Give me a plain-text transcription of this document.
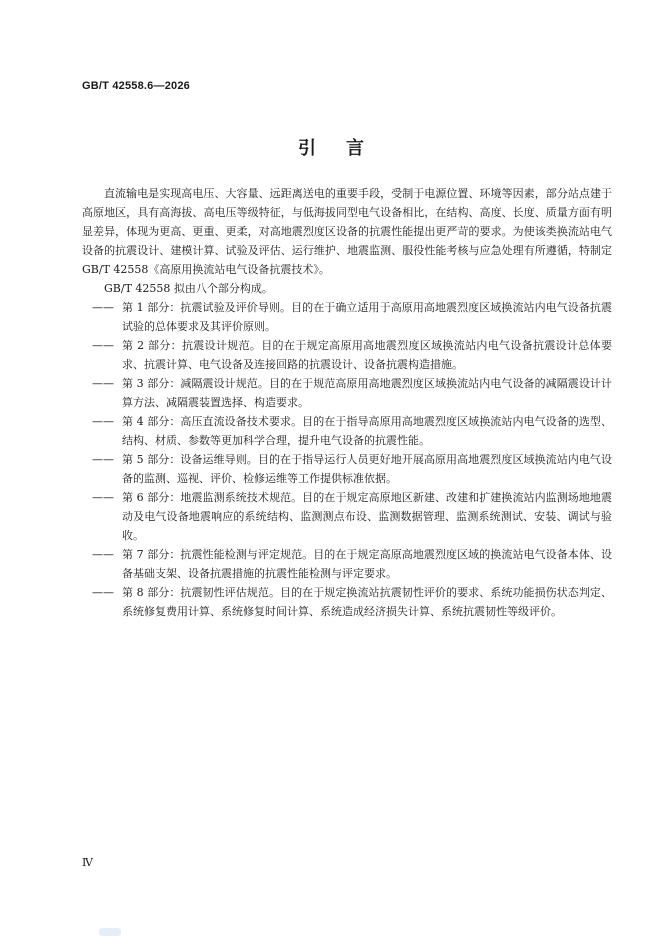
GB/T 42558.6—2026
引言

直流输电是实现高电压、大容量、远距离送电的重要手段，受制于电源位置、环境等因素，部分站点建于高原地区，具有高海拔、高电压等级特征，与低海拔同型电气设备相比，在结构、高度、长度、质量方面有明显差异，体现为更高、更重、更柔，对高地震烈度区设备的抗震性能提出更严苛的要求。为使该类换流站电气设备的抗震设计、建模计算、试验及评估、运行维护、地震监测、服役性能考核与应急处理有所遵循，特制定 GB/T 42558《高原用换流站电气设备抗震技术》。

GB/T 42558 拟由八个部分构成。

—— 第 1 部分：抗震试验及评价导则。目的在于确立适用于高原用高地震烈度区域换流站内电气设备抗震试验的总体要求及其评价原则。
—— 第 2 部分：抗震设计规范。目的在于规定高原用高地震烈度区域换流站内电气设备抗震设计总体要求、抗震计算、电气设备及连接回路的抗震设计、设备抗震构造措施。
—— 第 3 部分：减隔震设计规范。目的在于规范高原用高地震烈度区域换流站内电气设备的减隔震设计计算方法、减隔震装置选择、构造要求。
—— 第 4 部分：高压直流设备技术要求。目的在于指导高原用高地震烈度区域换流站内电气设备的选型、结构、材质、参数等更加科学合理，提升电气设备的抗震性能。
—— 第 5 部分：设备运维导则。目的在于指导运行人员更好地开展高原用高地震烈度区域换流站内电气设备的监测、巡视、评价、检修运维等工作提供标准依据。
—— 第 6 部分：地震监测系统技术规范。目的在于规定高原地区新建、改建和扩建换流站内监测场地地震动及电气设备地震响应的系统结构、监测测点布设、监测数据管理、监测系统测试、安装、调试与验收。
—— 第 7 部分：抗震性能检测与评定规范。目的在于规定高原高地震烈度区域的换流站电气设备本体、设备基础支架、设备抗震措施的抗震性能检测与评定要求。
—— 第 8 部分：抗震韧性评估规范。目的在于规定换流站抗震韧性评价的要求、系统功能损伤状态判定、系统修复费用计算、系统修复时间计算、系统造成经济损失计算、系统抗震韧性等级评价。
Ⅳ
